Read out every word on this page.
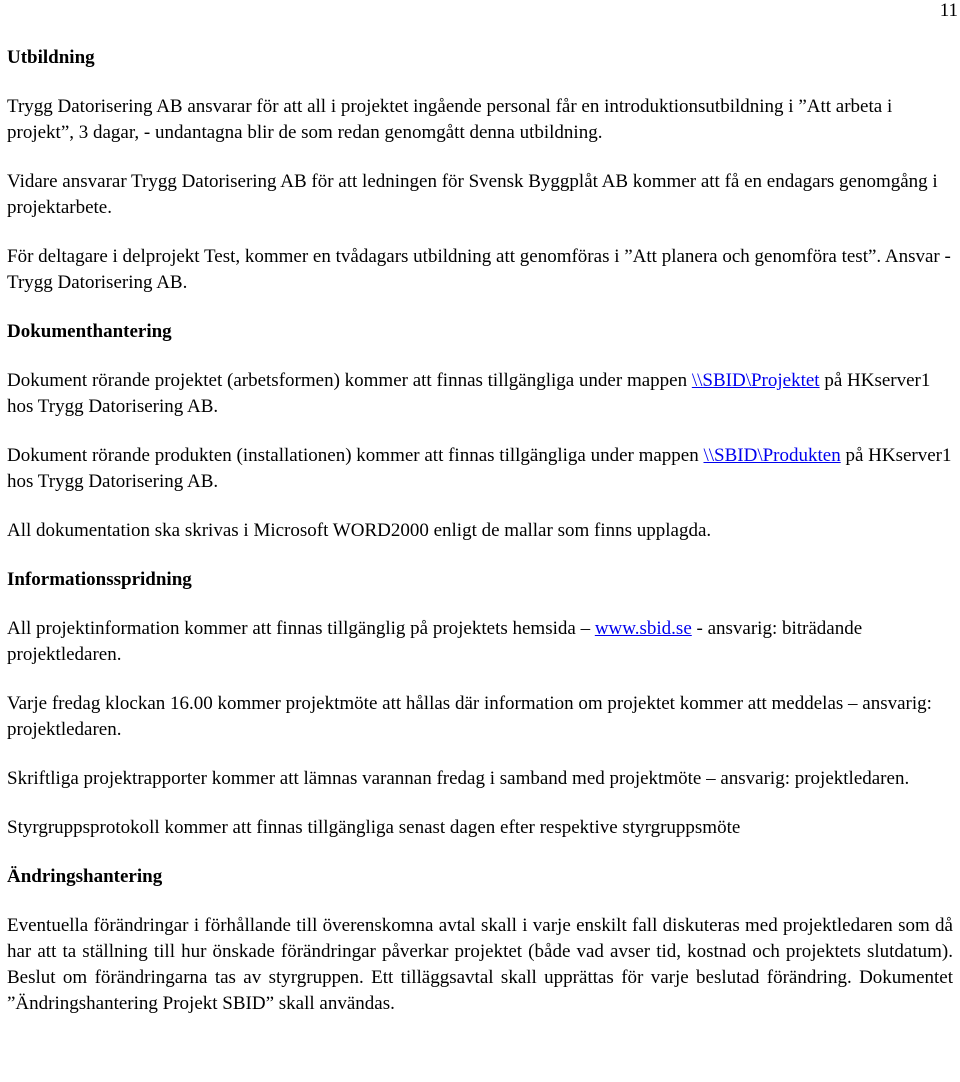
11
Utbildning

Trygg Datorisering AB ansvarar för att all i projektet ingående personal får en introduktionsutbildning i ”Att arbeta i projekt”, 3 dagar, - undantagna blir de som redan genomgått denna utbildning.

Vidare ansvarar Trygg Datorisering AB för att ledningen för Svensk Byggplåt AB kommer att få en endagars genomgång i projektarbete.

För deltagare i delprojekt Test, kommer en tvådagars utbildning att genomföras i ”Att planera och genomföra test”. Ansvar - Trygg Datorisering AB.

Dokumenthantering

Dokument rörande projektet (arbetsformen) kommer att finnas tillgängliga under mappen \\SBID\Projektet på HKserver1 hos Trygg Datorisering AB.

Dokument rörande produkten (installationen) kommer att finnas tillgängliga under mappen \\SBID\Produkten på HKserver1 hos Trygg Datorisering AB.

All dokumentation ska skrivas i Microsoft WORD2000 enligt de mallar som finns upplagda.

Informationsspridning

All projektinformation kommer att finnas tillgänglig på projektets hemsida – www.sbid.se - ansvarig: biträdande projektledaren.

Varje fredag klockan 16.00 kommer projektmöte att hållas där information om projektet kommer att meddelas – ansvarig: projektledaren.

Skriftliga projektrapporter kommer att lämnas varannan fredag i samband med projektmöte – ansvarig: projektledaren.

Styrgruppsprotokoll kommer att finnas tillgängliga senast dagen efter respektive styrgruppsmöte

Ändringshantering

Eventuella förändringar i förhållande till överenskomna avtal skall i varje enskilt fall diskuteras med projektledaren som då har att ta ställning till hur önskade förändringar påverkar projektet (både vad avser tid, kostnad och projektets slutdatum). Beslut om förändringarna tas av styrgruppen. Ett tilläggsavtal skall upprättas för varje beslutad förändring. Dokumentet ”Ändringshantering Projekt SBID” skall användas.
